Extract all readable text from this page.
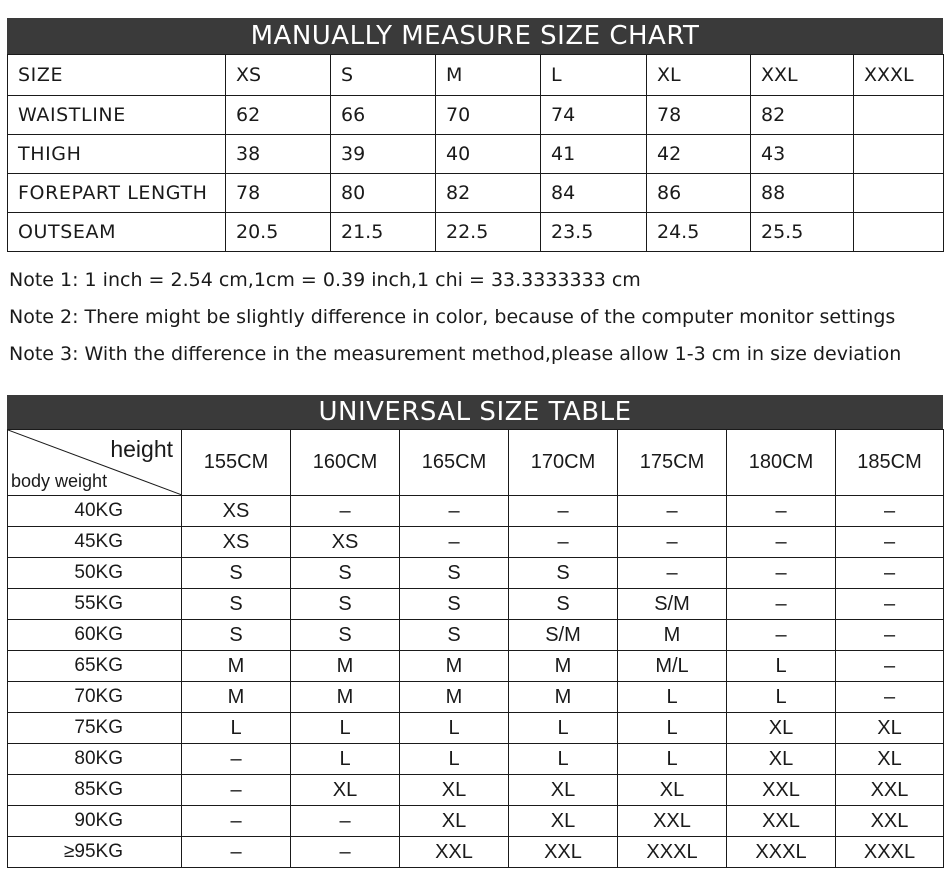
MANUALLY MEASURE SIZE CHART
SIZE	XS	S	M	L	XL	XXL	XXXL
WAISTLINE	62	66	70	74	78	82	
THIGH	38	39	40	41	42	43	
FOREPART LENGTH	78	80	82	84	86	88	
OUTSEAM	20.5	21.5	22.5	23.5	24.5	25.5	
Note 1: 1 inch = 2.54 cm,1cm = 0.39 inch,1 chi = 33.3333333 cm
Note 2: There might be slightly difference in color, because of the computer monitor settings
Note 3: With the difference in the measurement method,please allow 1-3 cm in size deviation
UNIVERSAL SIZE TABLE
height
body weight	155CM	160CM	165CM	170CM	175CM	180CM	185CM
40KG	XS	–	–	–	–	–	–
45KG	XS	XS	–	–	–	–	–
50KG	S	S	S	S	–	–	–
55KG	S	S	S	S	S/M	–	–
60KG	S	S	S	S/M	M	–	–
65KG	M	M	M	M	M/L	L	–
70KG	M	M	M	M	L	L	–
75KG	L	L	L	L	L	XL	XL
80KG	–	L	L	L	L	XL	XL
85KG	–	XL	XL	XL	XL	XXL	XXL
90KG	–	–	XL	XL	XXL	XXL	XXL
≥95KG	–	–	XXL	XXL	XXXL	XXXL	XXXL
